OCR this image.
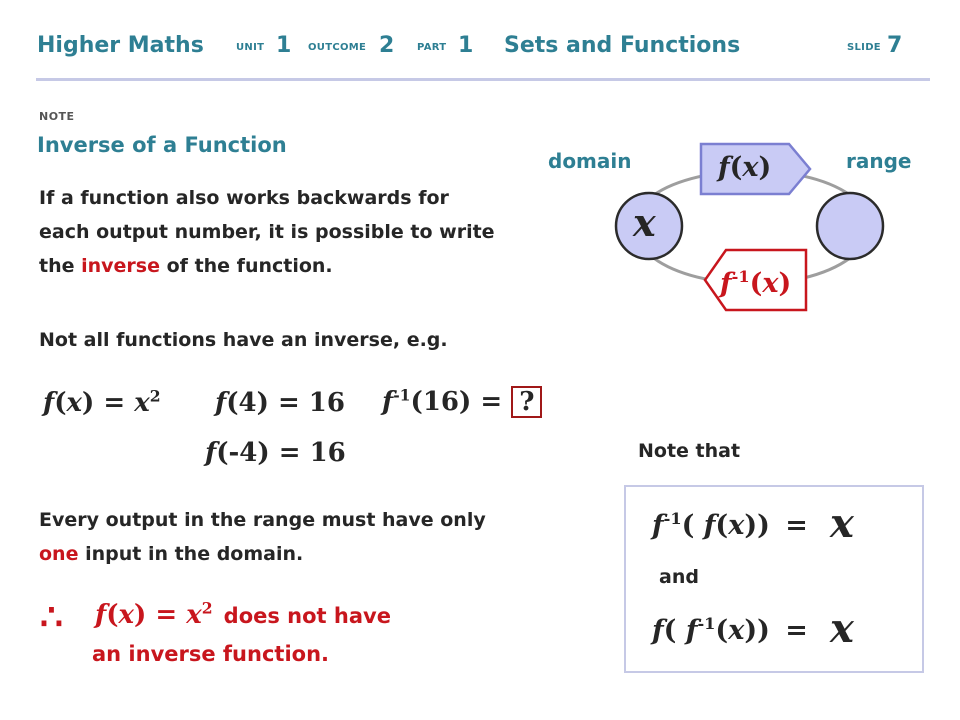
Higher Maths	UNIT 1 OUTCOME 2 PART 1 Sets and Functions	SLIDE 7
NOTE
Inverse of a Function
If a function also works backwards for
each output number, it is possible to write
the inverse of the function.
domain	range
x
f(x)
$f^{-1}(x)$
Not all functions have an inverse, e.g.
$f(x) = x^2$ f(4) = 16 $f^{-1}(16)$ = ?
f(-4) = 16
Every output in the range must have only
one input in the domain.
∴ $f(x) = x^2$ does not have
an inverse function.
Note that
$f^{-1}$( f(x)) = x
and
f( $f^{-1}(x)) = x$
